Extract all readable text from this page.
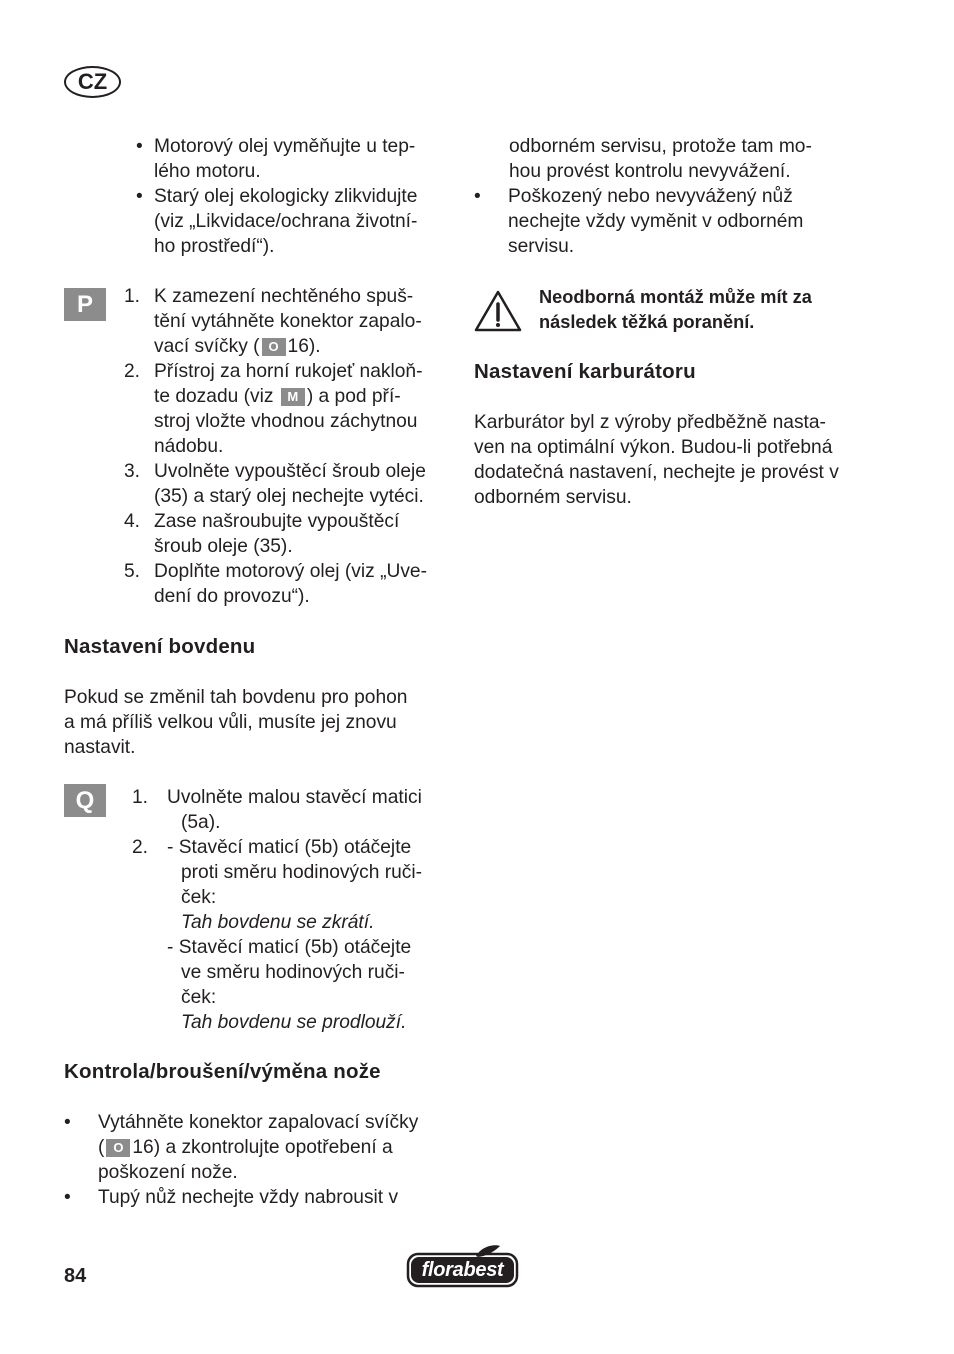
CZ
• Motorový olej vyměňujte u tep-
lého motoru.
• Starý olej ekologicky zlikvidujte
(viz „Likvidace/ochrana životní-
ho prostředí“).
P	1. K zamezení nechtěného spuš-
tění vytáhněte konektor zapalo-
vací svíčky ( O 16).
2. Přístroj za horní rukojeť nakloň-
te dozadu (viz M ) a pod pří-
stroj vložte vhodnou záchytnou
nádobu.
3. Uvolněte vypouštěcí šroub oleje
(35) a starý olej nechejte vytéci.
4. Zase našroubujte vypouštěcí
šroub oleje (35).
5. Doplňte motorový olej (viz „Uve-
dení do provozu“).
Nastavení bovdenu
Pokud se změnil tah bovdenu pro pohon
a má příliš velkou vůli, musíte jej znovu
nastavit.
Q	1. Uvolněte malou stavěcí matici
(5a).
2. - Stavěcí maticí (5b) otáčejte
proti směru hodinových ruči-
ček:
Tah bovdenu se zkrátí.
- Stavěcí maticí (5b) otáčejte
ve směru hodinových ruči-
ček:
Tah bovdenu se prodlouží.
Kontrola/broušení/výměna nože
• Vytáhněte konektor zapalovací svíčky
( O 16) a zkontrolujte opotřebení a
poškození nože.
• Tupý nůž nechejte vždy nabrousit v
odborném servisu, protože tam mo-
hou provést kontrolu nevyvážení.
• Poškozený nebo nevyvážený nůž
nechejte vždy vyměnit v odborném
servisu.
Neodborná montáž může mít za
následek těžká poranění.
Nastavení karburátoru
Karburátor byl z výroby předběžně nasta-
ven na optimální výkon. Budou-li potřebná
dodatečná nastavení, nechejte je provést v
odborném servisu.
84	florabest
